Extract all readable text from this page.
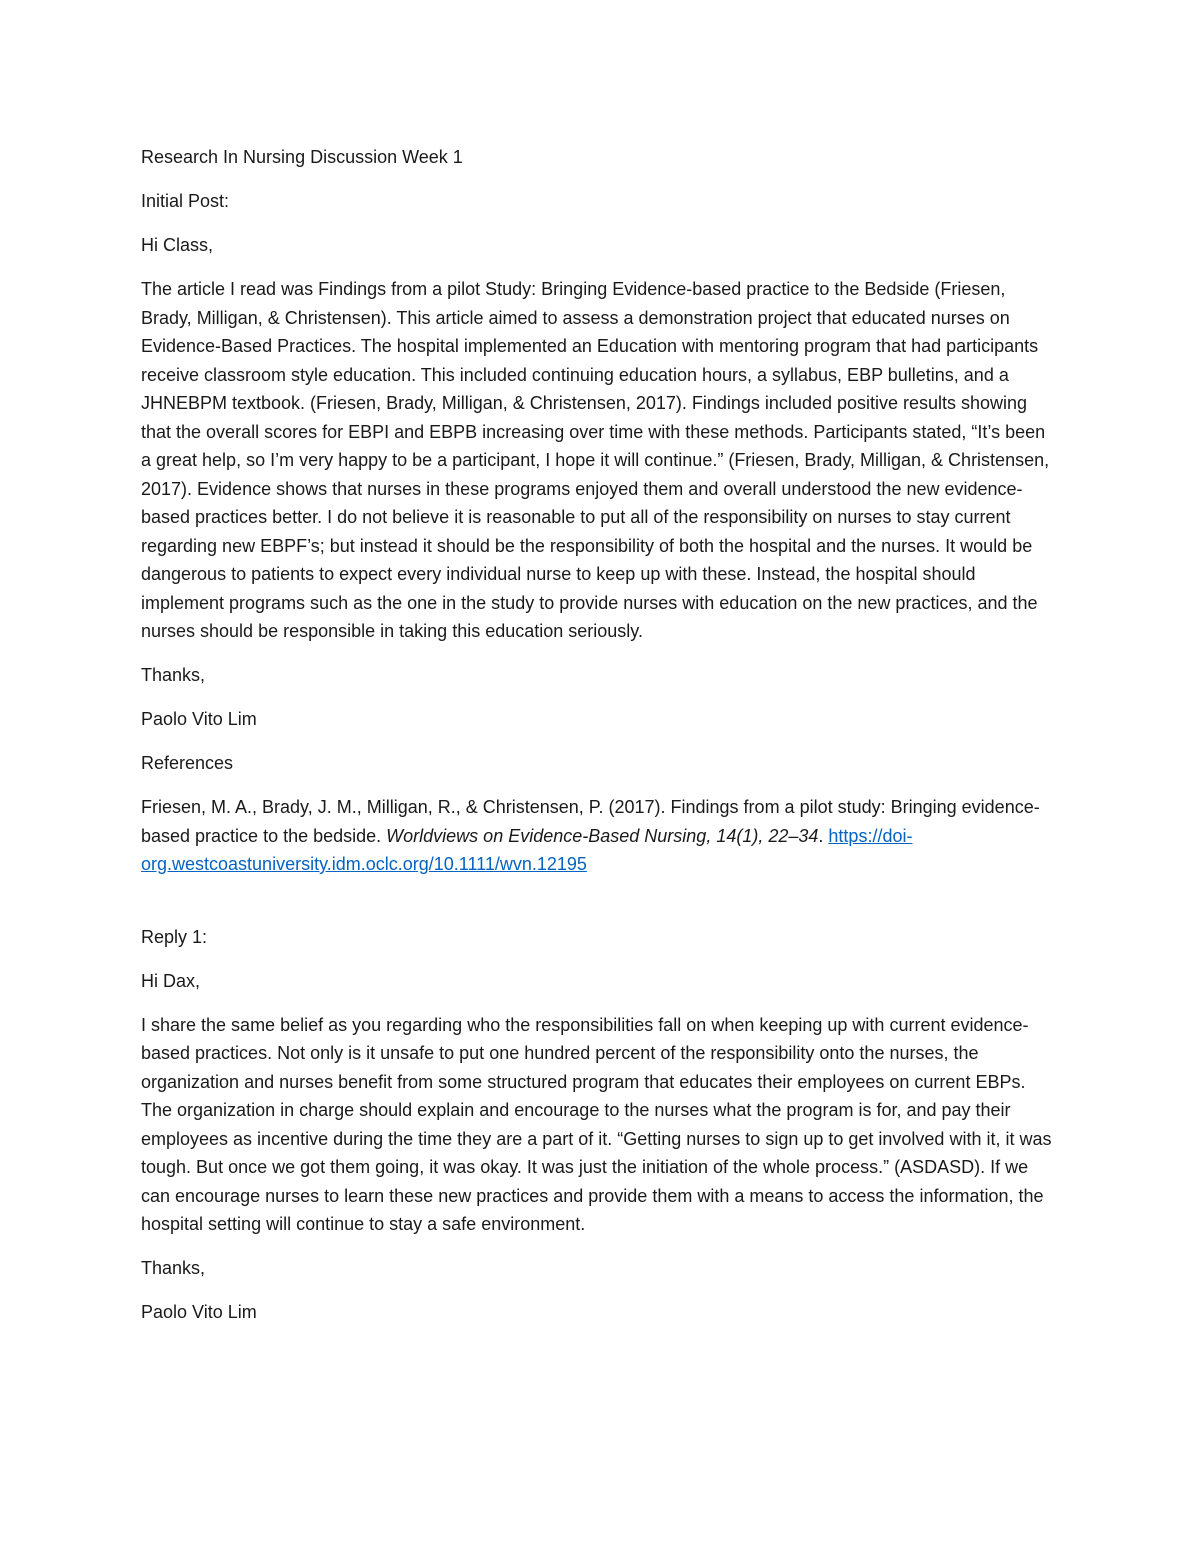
Research In Nursing Discussion Week 1

Initial Post:

Hi Class,

The article I read was Findings from a pilot Study: Bringing Evidence-based practice to the Bedside (Friesen, Brady, Milligan, & Christensen). This article aimed to assess a demonstration project that educated nurses on Evidence-Based Practices. The hospital implemented an Education with mentoring program that had participants receive classroom style education. This included continuing education hours, a syllabus, EBP bulletins, and a JHNEBPM textbook. (Friesen, Brady, Milligan, & Christensen, 2017). Findings included positive results showing that the overall scores for EBPI and EBPB increasing over time with these methods. Participants stated, “It’s been a great help, so I’m very happy to be a participant, I hope it will continue.” (Friesen, Brady, Milligan, & Christensen, 2017). Evidence shows that nurses in these programs enjoyed them and overall understood the new evidence-based practices better. I do not believe it is reasonable to put all of the responsibility on nurses to stay current regarding new EBPF’s; but instead it should be the responsibility of both the hospital and the nurses. It would be dangerous to patients to expect every individual nurse to keep up with these. Instead, the hospital should implement programs such as the one in the study to provide nurses with education on the new practices, and the nurses should be responsible in taking this education seriously.

Thanks,

Paolo Vito Lim

References

Friesen, M. A., Brady, J. M., Milligan, R., & Christensen, P. (2017). Findings from a pilot study: Bringing evidence-based practice to the bedside. Worldviews on Evidence-Based Nursing, 14(1), 22–34. https://doi-org.westcoastuniversity.idm.oclc.org/10.1111/wvn.12195

Reply 1:

Hi Dax,

I share the same belief as you regarding who the responsibilities fall on when keeping up with current evidence-based practices. Not only is it unsafe to put one hundred percent of the responsibility onto the nurses, the organization and nurses benefit from some structured program that educates their employees on current EBPs. The organization in charge should explain and encourage to the nurses what the program is for, and pay their employees as incentive during the time they are a part of it. “Getting nurses to sign up to get involved with it, it was tough. But once we got them going, it was okay. It was just the initiation of the whole process.” (ASDASD). If we can encourage nurses to learn these new practices and provide them with a means to access the information, the hospital setting will continue to stay a safe environment.

Thanks,

Paolo Vito Lim
